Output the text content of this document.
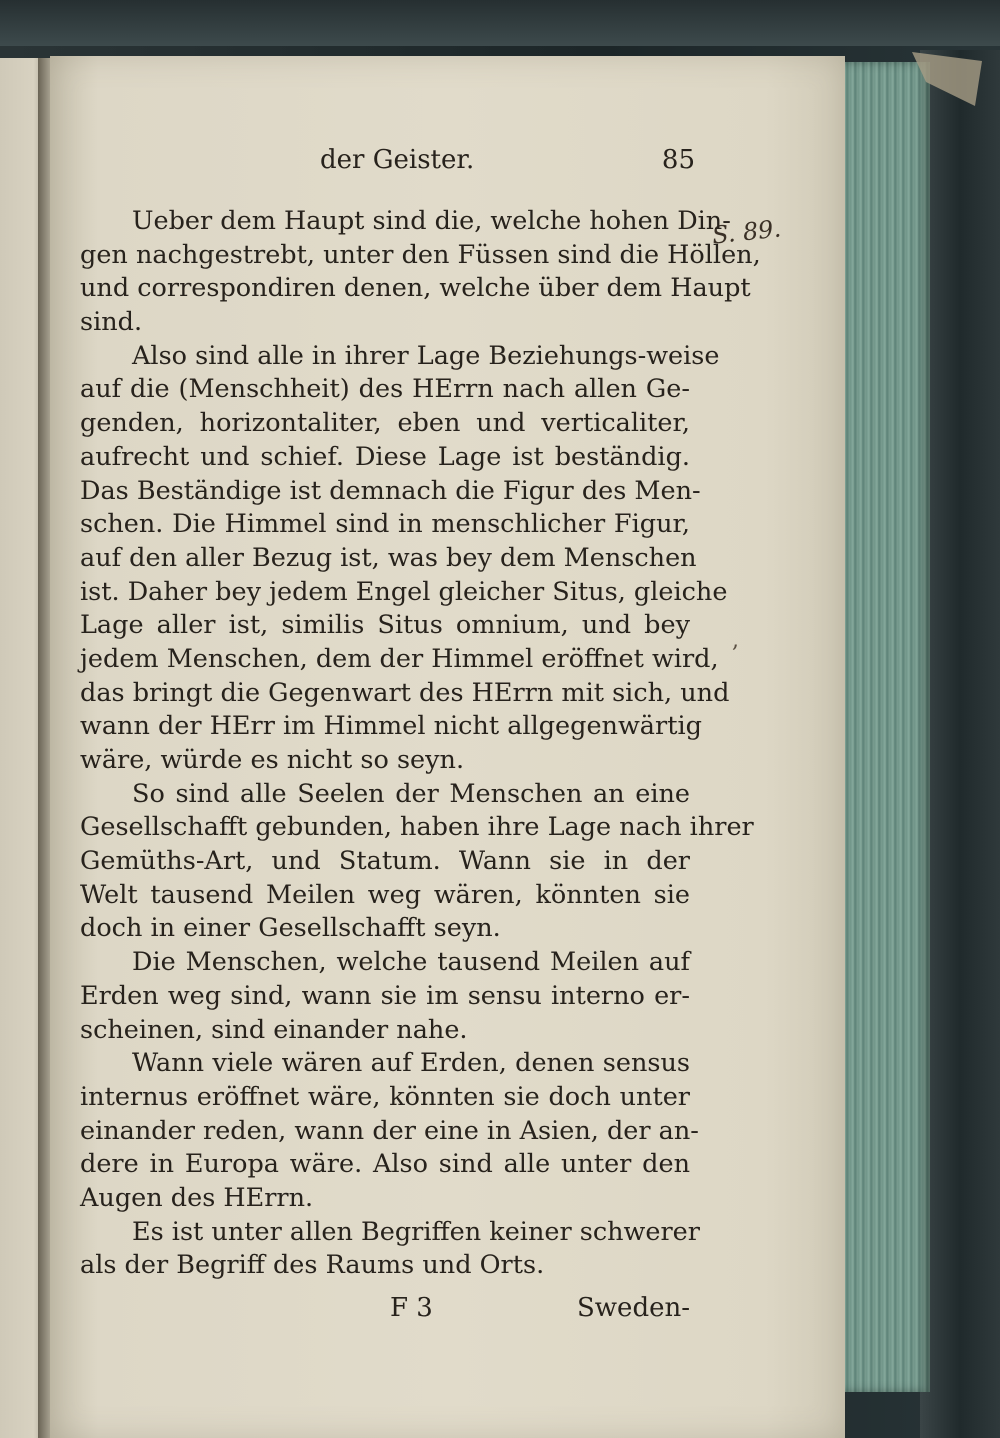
der Geister.	85
S. 89.
,
Ueber dem Haupt sind die, welche hohen Din-
gen nachgestrebt, unter den Füssen sind die Höllen,
und correspondiren denen, welche über dem Haupt
sind.
Also sind alle in ihrer Lage Beziehungs-weise
auf die (Menschheit) des HErrn nach allen Ge-
genden, horizontaliter, eben und verticaliter,
aufrecht und schief. Diese Lage ist beständig.
Das Beständige ist demnach die Figur des Men-
schen. Die Himmel sind in menschlicher Figur,
auf den aller Bezug ist, was bey dem Menschen
ist. Daher bey jedem Engel gleicher Situs, gleiche
Lage aller ist, similis Situs omnium, und bey
jedem Menschen, dem der Himmel eröffnet wird,
das bringt die Gegenwart des HErrn mit sich, und
wann der HErr im Himmel nicht allgegenwärtig
wäre, würde es nicht so seyn.
So sind alle Seelen der Menschen an eine
Gesellschafft gebunden, haben ihre Lage nach ihrer
Gemüths-Art, und Statum. Wann sie in der
Welt tausend Meilen weg wären, könnten sie
doch in einer Gesellschafft seyn.
Die Menschen, welche tausend Meilen auf
Erden weg sind, wann sie im sensu interno er-
scheinen, sind einander nahe.
Wann viele wären auf Erden, denen sensus
internus eröffnet wäre, könnten sie doch unter
einander reden, wann der eine in Asien, der an-
dere in Europa wäre. Also sind alle unter den
Augen des HErrn.
Es ist unter allen Begriffen keiner schwerer
als der Begriff des Raums und Orts.
F 3	Sweden-
